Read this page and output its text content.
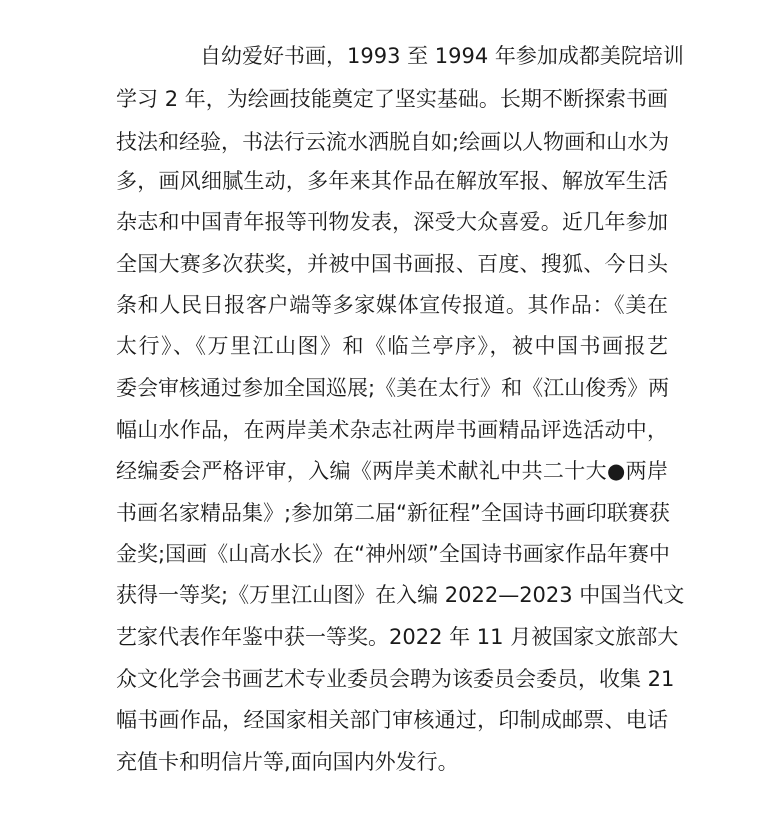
自幼爱好书画，1993 至 1994 年参加成都美院培训
学习 2 年，为绘画技能奠定了坚实基础。长期不断探索书画
技法和经验，书法行云流水洒脱自如;绘画以人物画和山水为
多，画风细腻生动，多年来其作品在解放军报、解放军生活
杂志和中国青年报等刊物发表，深受大众喜爱。近几年参加
全国大赛多次获奖，并被中国书画报、百度、搜狐、今日头
条和人民日报客户端等多家媒体宣传报道。其作品：《美在
太行》、《万里江山图》和《临兰亭序》，被中国书画报艺
委会审核通过参加全国巡展;《美在太行》和《江山俊秀》两
幅山水作品，在两岸美术杂志社两岸书画精品评选活动中，
经编委会严格评审，入编《两岸美术献礼中共二十大●两岸
书画名家精品集》;参加第二届“新征程”全国诗书画印联赛获
金奖;国画《山高水长》在“神州颂”全国诗书画家作品年赛中
获得一等奖;《万里江山图》在入编 2022—2023 中国当代文
艺家代表作年鉴中获一等奖。2022 年 11 月被国家文旅部大
众文化学会书画艺术专业委员会聘为该委员会委员，收集 21
幅书画作品，经国家相关部门审核通过，印制成邮票、电话
充值卡和明信片等,面向国内外发行。
